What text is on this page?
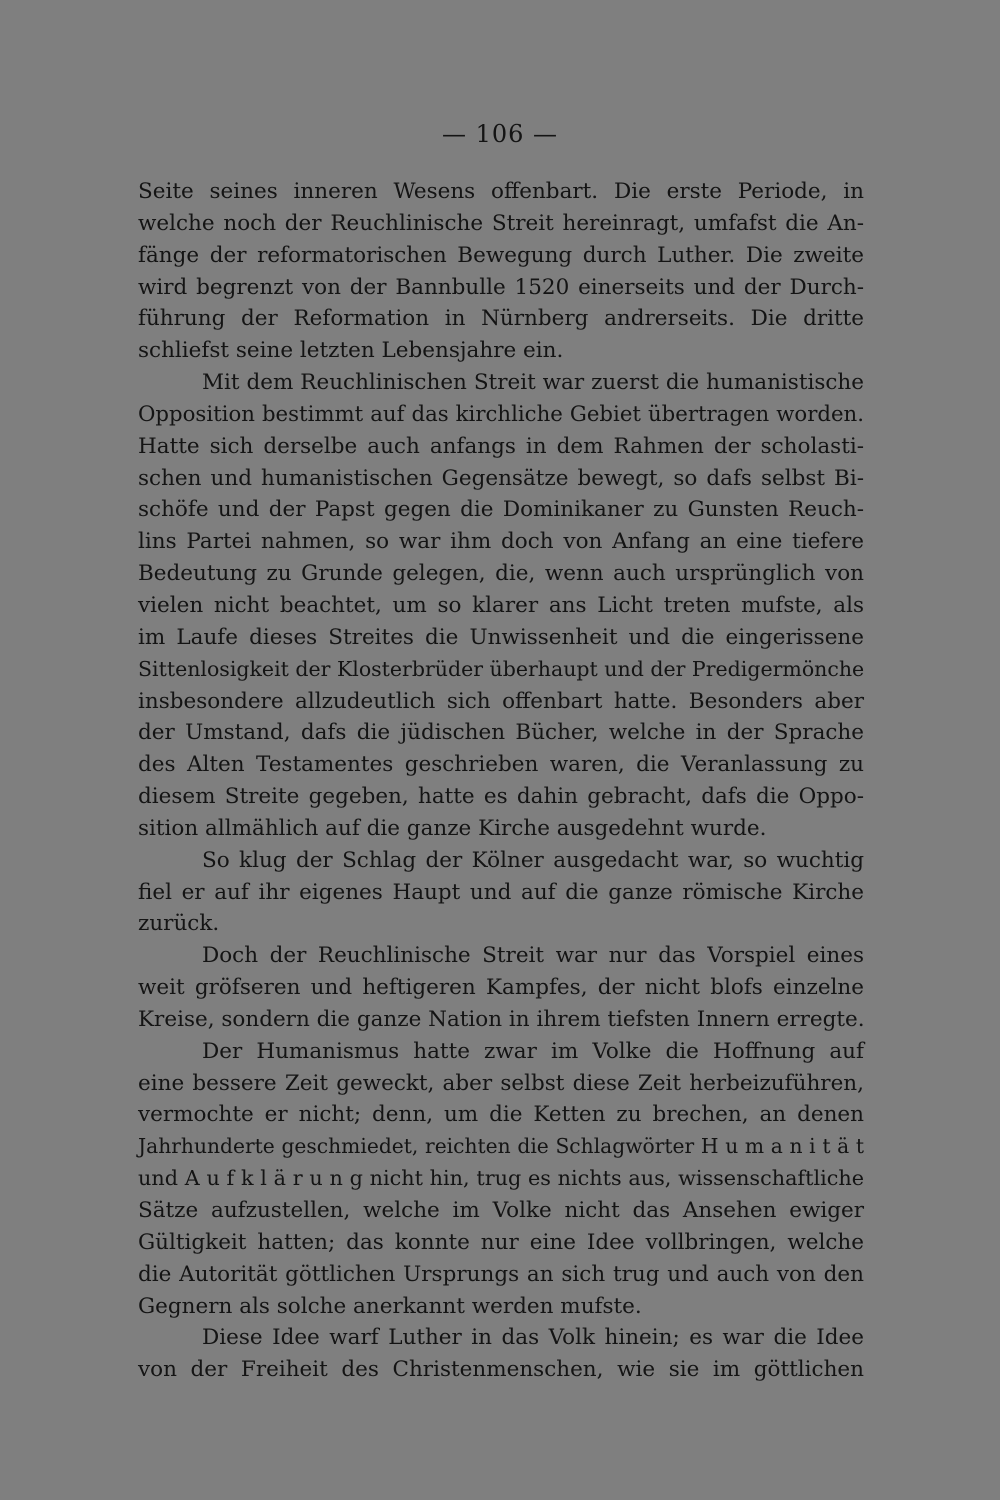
— 106 —
Seite seines inneren Wesens offenbart. Die erste Periode, in
welche noch der Reuchlinische Streit hereinragt, umfafst die An-
fänge der reformatorischen Bewegung durch Luther. Die zweite
wird begrenzt von der Bannbulle 1520 einerseits und der Durch-
führung der Reformation in Nürnberg andrerseits. Die dritte
schliefst seine letzten Lebensjahre ein.
Mit dem Reuchlinischen Streit war zuerst die humanistische
Opposition bestimmt auf das kirchliche Gebiet übertragen worden.
Hatte sich derselbe auch anfangs in dem Rahmen der scholasti-
schen und humanistischen Gegensätze bewegt, so dafs selbst Bi-
schöfe und der Papst gegen die Dominikaner zu Gunsten Reuch-
lins Partei nahmen, so war ihm doch von Anfang an eine tiefere
Bedeutung zu Grunde gelegen, die, wenn auch ursprünglich von
vielen nicht beachtet, um so klarer ans Licht treten mufste, als
im Laufe dieses Streites die Unwissenheit und die eingerissene
Sittenlosigkeit der Klosterbrüder überhaupt und der Predigermönche
insbesondere allzudeutlich sich offenbart hatte. Besonders aber
der Umstand, dafs die jüdischen Bücher, welche in der Sprache
des Alten Testamentes geschrieben waren, die Veranlassung zu
diesem Streite gegeben, hatte es dahin gebracht, dafs die Oppo-
sition allmählich auf die ganze Kirche ausgedehnt wurde.
So klug der Schlag der Kölner ausgedacht war, so wuchtig
fiel er auf ihr eigenes Haupt und auf die ganze römische Kirche
zurück.
Doch der Reuchlinische Streit war nur das Vorspiel eines
weit gröfseren und heftigeren Kampfes, der nicht blofs einzelne
Kreise, sondern die ganze Nation in ihrem tiefsten Innern erregte.
Der Humanismus hatte zwar im Volke die Hoffnung auf
eine bessere Zeit geweckt, aber selbst diese Zeit herbeizuführen,
vermochte er nicht; denn, um die Ketten zu brechen, an denen
Jahrhunderte geschmiedet, reichten die Schlagwörter H u m a n i t ä t
und A u f k l ä r u n g nicht hin, trug es nichts aus, wissenschaftliche
Sätze aufzustellen, welche im Volke nicht das Ansehen ewiger
Gültigkeit hatten; das konnte nur eine Idee vollbringen, welche
die Autorität göttlichen Ursprungs an sich trug und auch von den
Gegnern als solche anerkannt werden mufste.
Diese Idee warf Luther in das Volk hinein; es war die Idee
von der Freiheit des Christenmenschen, wie sie im göttlichen
